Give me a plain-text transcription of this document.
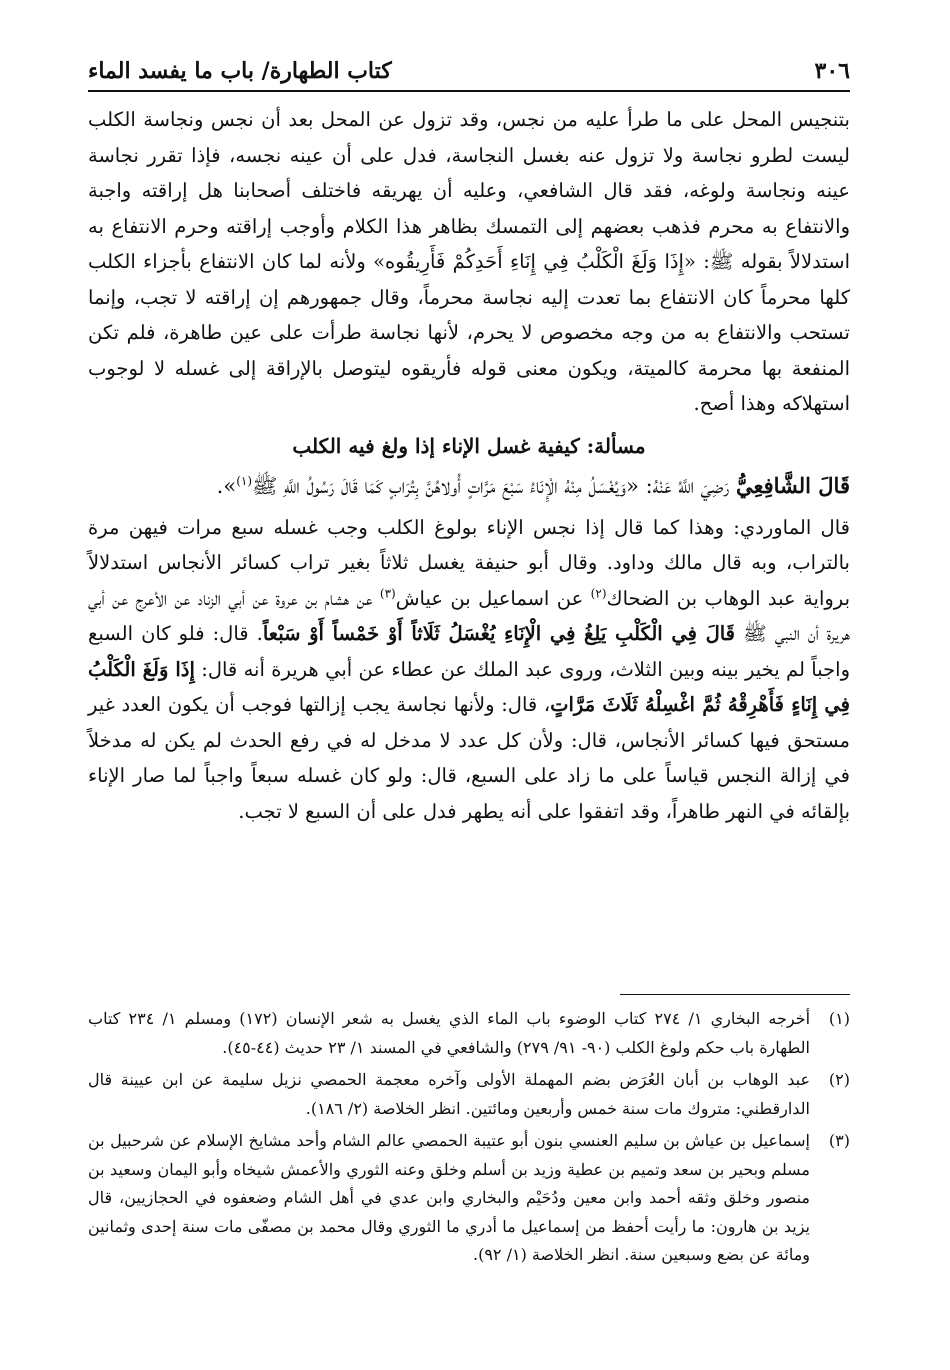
٣٠٦
كتاب الطهارة/ باب ما يفسد الماء

بتنجيس المحل على ما طرأ عليه من نجس، وقد تزول عن المحل بعد أن نجس ونجاسة الكلب ليست لطرو نجاسة ولا تزول عنه بغسل النجاسة، فدل على أن عينه نجسه، فإذا تقرر نجاسة عينه ونجاسة ولوغه، فقد قال الشافعي، وعليه أن يهريقه فاختلف أصحابنا هل إراقته واجبة والانتفاع به محرم فذهب بعضهم إلى التمسك بظاهر هذا الكلام وأوجب إراقته وحرم الانتفاع به استدلالاً بقوله ﷺ: «إِذَا وَلَغَ الْكَلْبُ فِي إِنَاءِ أَحَدِكُمْ فَأَرِيقُوه» ولأنه لما كان الانتفاع بأجزاء الكلب كلها محرماً كان الانتفاع بما تعدت إليه نجاسة محرماً، وقال جمهورهم إن إراقته لا تجب، وإنما تستحب والانتفاع به من وجه مخصوص لا يحرم، لأنها نجاسة طرأت على عين طاهرة، فلم تكن المنفعة بها محرمة كالميتة، ويكون معنى قوله فأريقوه ليتوصل بالإراقة إلى غسله لا لوجوب استهلاكه وهذا أصح.

مسألة: كيفية غسل الإناء إذا ولغ فيه الكلب

قَالَ الشَّافِعِيُّ رَضِيَ اللَّهُ عَنْهُ: «وَيُغْسَلُ مِنْهُ الْإِنَاءُ سَبْعَ مَرَّاتٍ أُولاهُنَّ بِتُرَابٍ كَمَا قَالَ رَسُولُ اللَّهِ ﷺ$^{(١)}$».

قال الماوردي: وهذا كما قال إذا نجس الإناء بولوغ الكلب وجب غسله سبع مرات فيهن مرة بالتراب، وبه قال مالك وداود. وقال أبو حنيفة يغسل ثلاثاً بغير تراب كسائر الأنجاس استدلالاً برواية عبد الوهاب بن الضحاك$^{(٢)}$ عن اسماعيل بن عياش$^{(٣)}$ عن هشام بن عروة عن أبي الزناد عن الأعرج عن أبي هريرة أن النبي ﷺ قَالَ فِي الْكَلْبِ يَلِغُ فِي الْإِنَاءِ يُغْسَلُ ثَلَاثاً أَوْ خَمْساً أَوْ سَبْعاً. قال: فلو كان السبع واجباً لم يخير بينه وبين الثلاث، وروى عبد الملك عن عطاء عن أبي هريرة أنه قال: إِذَا وَلَغَ الْكَلْبُ فِي إِنَاءٍ فَأَهْرِقْهُ ثُمَّ اغْسِلْهُ ثَلَاثَ مَرَّاتٍ، قال: ولأنها نجاسة يجب إزالتها فوجب أن يكون العدد غير مستحق فيها كسائر الأنجاس، قال: ولأن كل عدد لا مدخل له في رفع الحدث لم يكن له مدخلاً في إزالة النجس قياساً على ما زاد على السبع، قال: ولو كان غسله سبعاً واجباً لما صار الإناء بإلقائه في النهر طاهراً، وقد اتفقوا على أنه يطهر فدل على أن السبع لا تجب.

(١)
أخرجه البخاري ١/ ٢٧٤ كتاب الوضوء باب الماء الذي يغسل به شعر الإنسان (١٧٢) ومسلم ١/ ٢٣٤ كتاب الطهارة باب حكم ولوغ الكلب (٩٠- ٩١/ ٢٧٩) والشافعي في المسند ١/ ٢٣ حديث (٤٤-٤٥).
(٢)
عبد الوهاب بن أبان العُرَض بضم المهملة الأولى وآخره معجمة الحمصي نزيل سليمة عن ابن عيينة قال الدارقطني: متروك مات سنة خمس وأربعين ومائتين. انظر الخلاصة (٢/ ١٨٦).
(٣)
إسماعيل بن عياش بن سليم العنسي بنون أبو عتيبة الحمصي عالم الشام وأحد مشايخ الإسلام عن شرحبيل بن مسلم وبحير بن سعد وتميم بن عطية وزيد بن أسلم وخلق وعنه الثوري والأعمش شيخاه وأبو اليمان وسعيد بن منصور وخلق وثقه أحمد وابن معين ودُحَيْم والبخاري وابن عدي في أهل الشام وضعفوه في الحجازيين، قال يزيد بن هارون: ما رأيت أحفظ من إسماعيل ما أدري ما الثوري وقال محمد بن مصفّى مات سنة إحدى وثمانين ومائة عن بضع وسبعين سنة. انظر الخلاصة (١/ ٩٢).
